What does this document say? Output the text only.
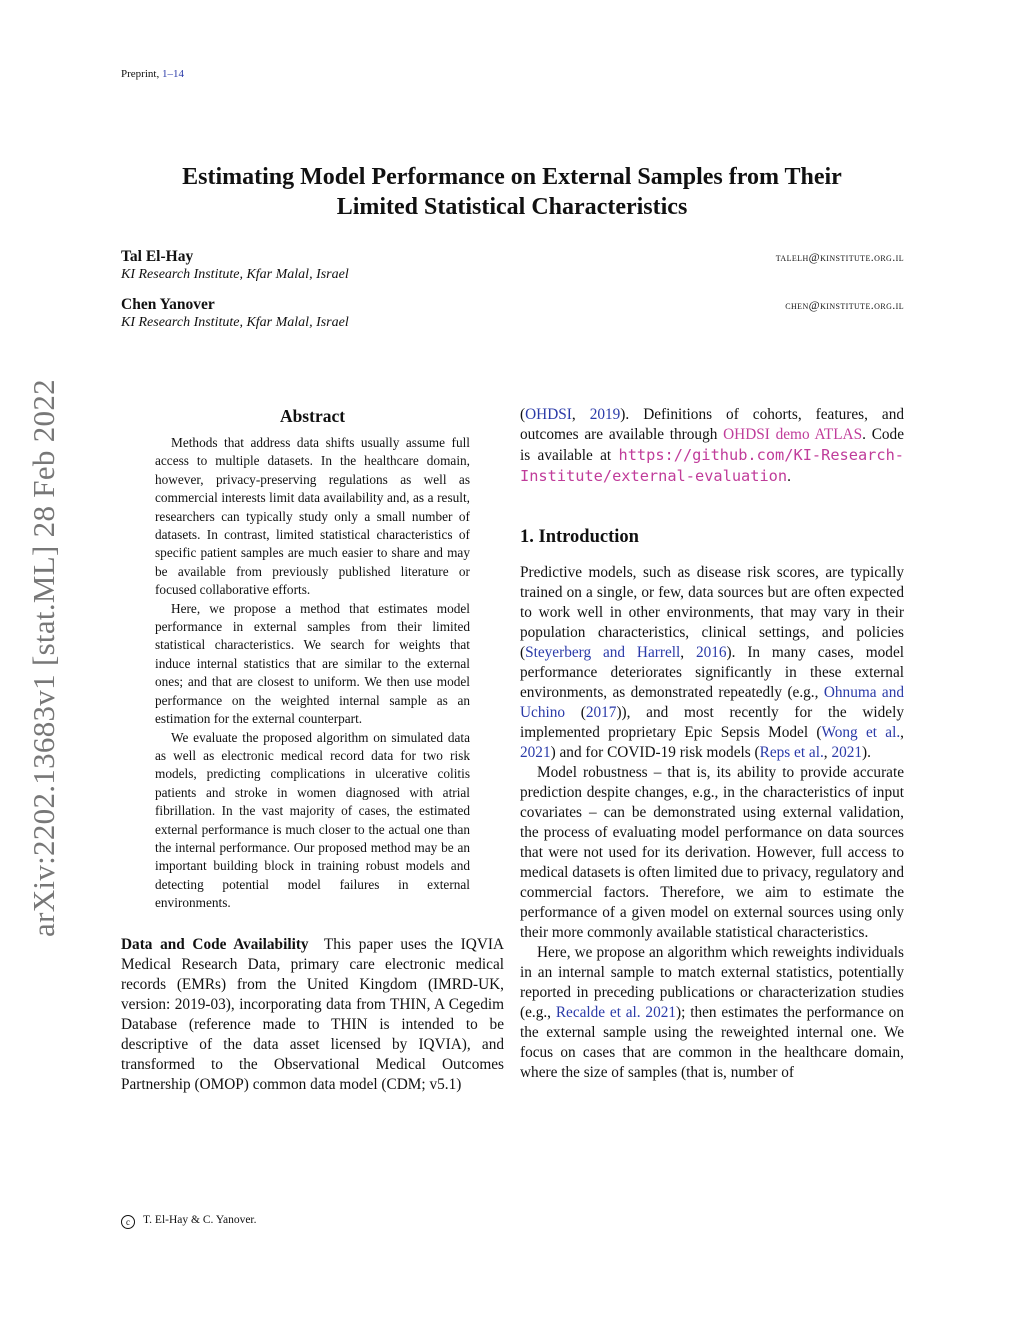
Preprint, 1–14
arXiv:2202.13683v1 [stat.ML] 28 Feb 2022
Estimating Model Performance on External Samples from Their
Limited Statistical Characteristics
Tal El-Hay	talelh@kinstitute.org.il
KI Research Institute, Kfar Malal, Israel
Chen Yanover	chen@kinstitute.org.il
KI Research Institute, Kfar Malal, Israel
Abstract

Methods that address data shifts usually assume full access to multiple datasets. In the healthcare domain, however, privacy-preserving regulations as well as commercial interests limit data availability and, as a result, researchers can typically study only a small number of datasets. In contrast, limited statistical characteristics of specific patient samples are much easier to share and may be available from previously published literature or focused collaborative efforts.

Here, we propose a method that estimates model performance in external samples from their limited statistical characteristics. We search for weights that induce internal statistics that are similar to the external ones; and that are closest to uniform. We then use model performance on the weighted internal sample as an estimation for the external counterpart.

We evaluate the proposed algorithm on simulated data as well as electronic medical record data for two risk models, predicting complications in ulcerative colitis patients and stroke in women diagnosed with atrial fibrillation. In the vast majority of cases, the estimated external performance is much closer to the actual one than the internal performance. Our proposed method may be an important building block in training robust models and detecting potential model failures in external environments.

Data and Code Availability This paper uses the IQVIA Medical Research Data, primary care electronic medical records (EMRs) from the United Kingdom (IMRD-UK, version: 2019-03), incorporating data from THIN, A Cegedim Database (reference made to THIN is intended to be descriptive of the data asset licensed by IQVIA), and transformed to the Observational Medical Outcomes Partnership (OMOP) common data model (CDM; v5.1)

(OHDSI, 2019). Definitions of cohorts, features, and outcomes are available through OHDSI demo ATLAS. Code is available at https://github.com/KI-Research-Institute/external-evaluation.

1. Introduction

Predictive models, such as disease risk scores, are typically trained on a single, or few, data sources but are often expected to work well in other environments, that may vary in their population characteristics, clinical settings, and policies (Steyerberg and Harrell, 2016). In many cases, model performance deteriorates significantly in these external environments, as demonstrated repeatedly (e.g., Ohnuma and Uchino (2017)), and most recently for the widely implemented proprietary Epic Sepsis Model (Wong et al., 2021) and for COVID-19 risk models (Reps et al., 2021).

Model robustness – that is, its ability to provide accurate prediction despite changes, e.g., in the characteristics of input covariates – can be demonstrated using external validation, the process of evaluating model performance on data sources that were not used for its derivation. However, full access to medical datasets is often limited due to privacy, regulatory and commercial factors. Therefore, we aim to estimate the performance of a given model on external sources using only their more commonly available statistical characteristics.

Here, we propose an algorithm which reweights individuals in an internal sample to match external statistics, potentially reported in preceding publications or characterization studies (e.g., Recalde et al. 2021); then estimates the performance on the external sample using the reweighted internal one. We focus on cases that are common in the healthcare domain, where the size of samples (that is, number of

c T. El-Hay & C. Yanover.
